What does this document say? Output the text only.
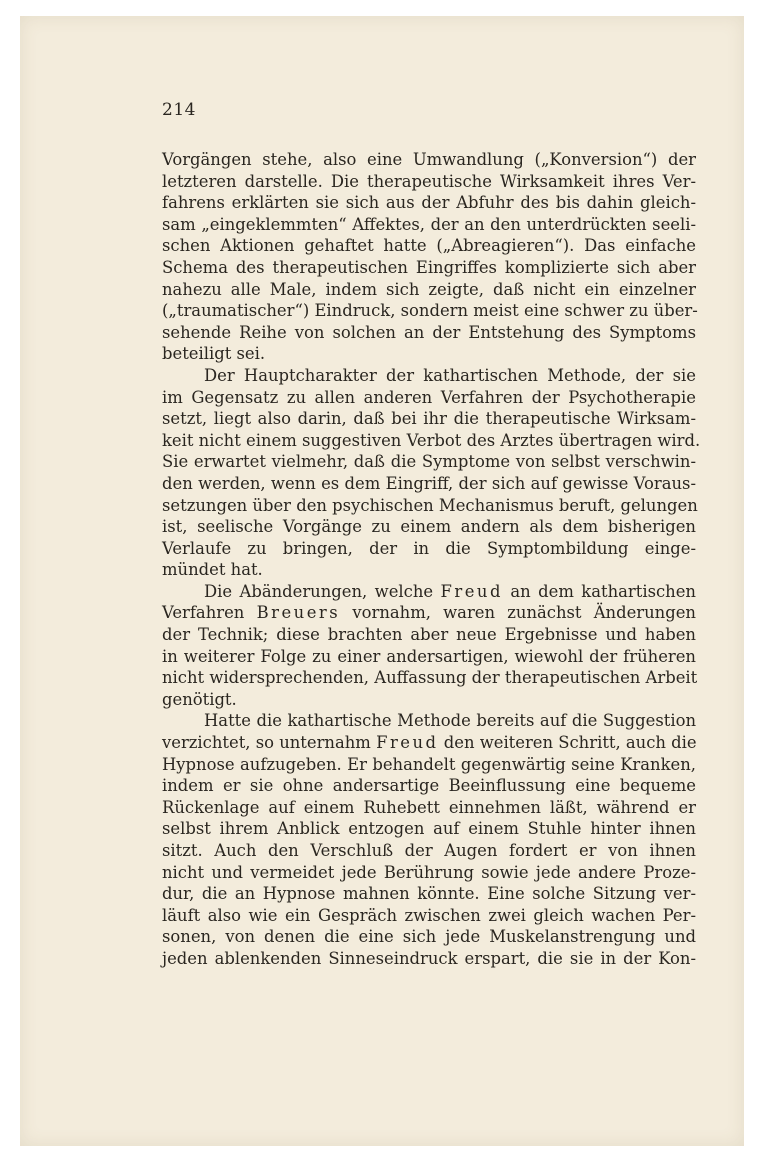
214
Vorgängen stehe, also eine Umwandlung („Konversion“) der
letzteren darstelle. Die therapeutische Wirksamkeit ihres Ver-
fahrens erklärten sie sich aus der Abfuhr des bis dahin gleich-
sam „eingeklemmten“ Affektes, der an den unterdrückten seeli-
schen Aktionen gehaftet hatte („Abreagieren“). Das einfache
Schema des therapeutischen Eingriffes komplizierte sich aber
nahezu alle Male, indem sich zeigte, daß nicht ein einzelner
(„traumatischer“) Eindruck, sondern meist eine schwer zu über-
sehende Reihe von solchen an der Entstehung des Symptoms
beteiligt sei.
Der Hauptcharakter der kathartischen Methode, der sie
im Gegensatz zu allen anderen Verfahren der Psychotherapie
setzt, liegt also darin, daß bei ihr die therapeutische Wirksam-
keit nicht einem suggestiven Verbot des Arztes übertragen wird.
Sie erwartet vielmehr, daß die Symptome von selbst verschwin-
den werden, wenn es dem Eingriff, der sich auf gewisse Voraus-
setzungen über den psychischen Mechanismus beruft, gelungen
ist, seelische Vorgänge zu einem andern als dem bisherigen
Verlaufe zu bringen, der in die Symptombildung einge-
mündet hat.
Die Abänderungen, welche Freud an dem kathartischen
Verfahren Breuers vornahm, waren zunächst Änderungen
der Technik; diese brachten aber neue Ergebnisse und haben
in weiterer Folge zu einer andersartigen, wiewohl der früheren
nicht widersprechenden, Auffassung der therapeutischen Arbeit
genötigt.
Hatte die kathartische Methode bereits auf die Suggestion
verzichtet, so unternahm Freud den weiteren Schritt, auch die
Hypnose aufzugeben. Er behandelt gegenwärtig seine Kranken,
indem er sie ohne andersartige Beeinflussung eine bequeme
Rückenlage auf einem Ruhebett einnehmen läßt, während er
selbst ihrem Anblick entzogen auf einem Stuhle hinter ihnen
sitzt. Auch den Verschluß der Augen fordert er von ihnen
nicht und vermeidet jede Berührung sowie jede andere Proze-
dur, die an Hypnose mahnen könnte. Eine solche Sitzung ver-
läuft also wie ein Gespräch zwischen zwei gleich wachen Per-
sonen, von denen die eine sich jede Muskelanstrengung und
jeden ablenkenden Sinneseindruck erspart, die sie in der Kon-
